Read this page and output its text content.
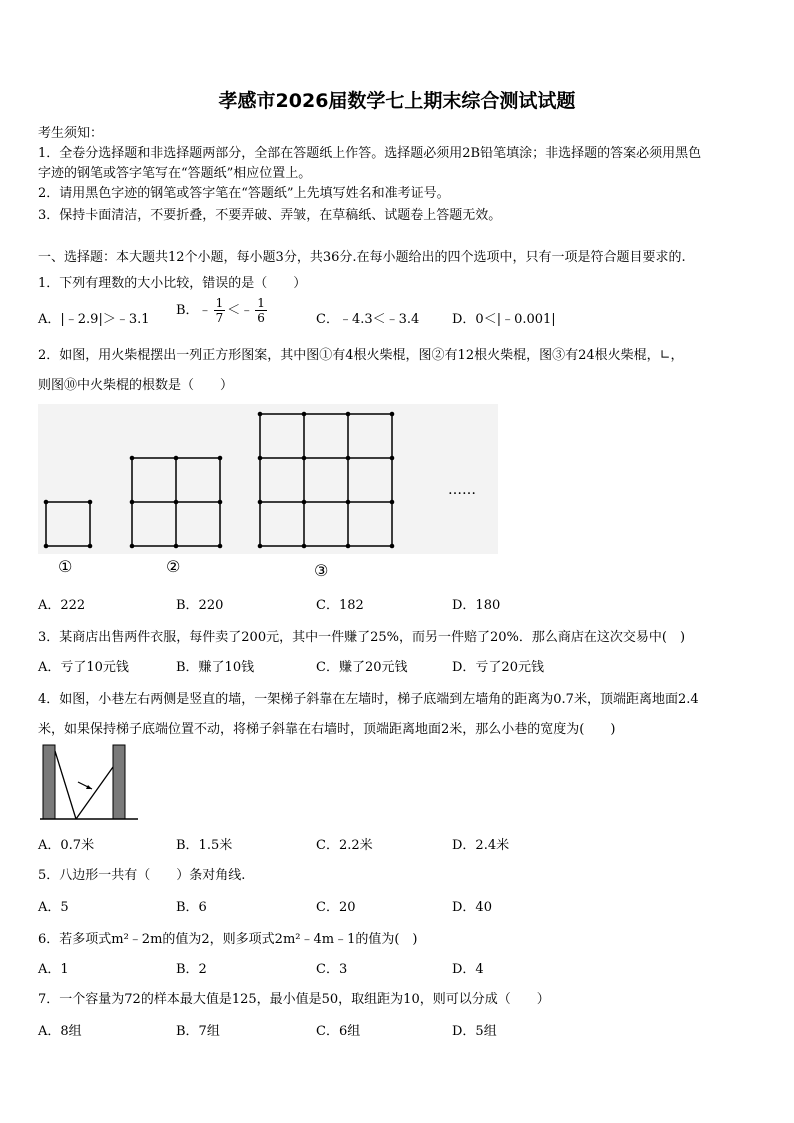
孝感市2026届数学七上期末综合测试试题
考生须知：
1．全卷分选择题和非选择题两部分，全部在答题纸上作答。选择题必须用2B铅笔填涂；非选择题的答案必须用黑色
字迹的钢笔或答字笔写在“答题纸”相应位置上。
2．请用黑色字迹的钢笔或答字笔在“答题纸”上先填写姓名和准考证号。
3．保持卡面清洁，不要折叠，不要弄破、弄皱，在草稿纸、试题卷上答题无效。
一、选择题：本大题共12个小题，每小题3分，共36分.在每小题给出的四个选项中，只有一项是符合题目要求的.
1．下列有理数的大小比较，错误的是（　　）
A．|﹣2.9|＞﹣3.1
B．﹣ $\frac{1}{7}$ ＜﹣ $\frac{1}{6}$	C．﹣4.3＜﹣3.4	D．0＜|﹣0.001|
2．如图，用火柴棍摆出一列正方形图案，其中图①有4根火柴棍，图②有12根火柴棍，图③有24根火柴棍，∟，
则图⑩中火柴棍的根数是（　　）
……
①	②	③
A．222	B．220	C．182	D．180
3．某商店出售两件衣服，每件卖了200元，其中一件赚了25%，而另一件赔了20%．那么商店在这次交易中(　)
A．亏了10元钱	B．赚了10钱	C．赚了20元钱	D．亏了20元钱
4．如图，小巷左右两侧是竖直的墙，一架梯子斜靠在左墙时，梯子底端到左墙角的距离为0.7米，顶端距离地面2.4
米，如果保持梯子底端位置不动，将梯子斜靠在右墙时，顶端距离地面2米，那么小巷的宽度为(　　)
A．0.7米	B．1.5米	C．2.2米	D．2.4米
5．八边形一共有（　　）条对角线.
A．5	B．6	C．20	D．40
6．若多项式m²﹣2m的值为2，则多项式2m²﹣4m﹣1的值为(　)
A．1	B．2	C．3	D．4
7．一个容量为72的样本最大值是125，最小值是50，取组距为10，则可以分成（　　）
A．8组	B．7组	C．6组	D．5组
